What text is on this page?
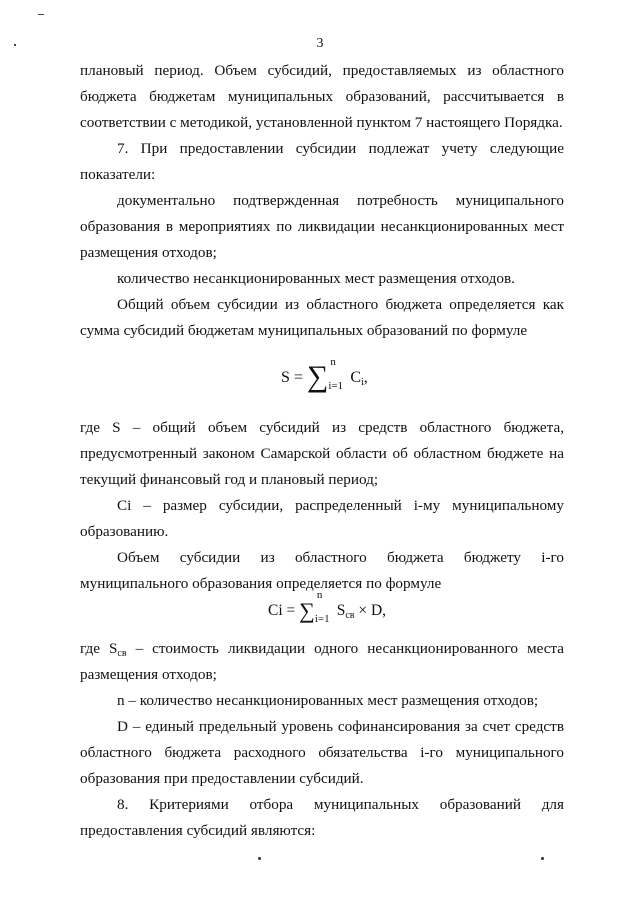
3
плановый период. Объем субсидий, предоставляемых из областного
бюджета бюджетам муниципальных образований, рассчитывается в
соответствии с методикой, установленной пунктом 7 настоящего Порядка.
7. При предоставлении субсидии подлежат учету следующие
показатели:
документально подтвержденная потребность муниципального
образования в мероприятиях по ликвидации несанкционированных мест
размещения отходов;
количество несанкционированных мест размещения отходов.
Общий объем субсидии из областного бюджета определяется как
сумма субсидий бюджетам муниципальных образований по формуле
где S – общий объем субсидий из средств областного бюджета,
предусмотренный законом Самарской области об областном бюджете на
текущий финансовый год и плановый период;
Ci – размер субсидии, распределенный i-му муниципальному
образованию.
Объем субсидии из областного бюджета бюджету i-го
муниципального образования определяется по формуле
размещения отходов;
n – количество несанкционированных мест размещения отходов;
D – единый предельный уровень софинансирования за счет средств
областного бюджета расходного обязательства i-го муниципального
образования при предоставлении субсидий.
8. Критериями отбора муниципальных образований для
предоставления субсидий являются:
S = ∑ n
i=1
$C_i$,
Ci = ∑
n
i=1
$S_{св} \times D$,
где $S_{св}$ – стоимость ликвидации одного несанкционированного места
